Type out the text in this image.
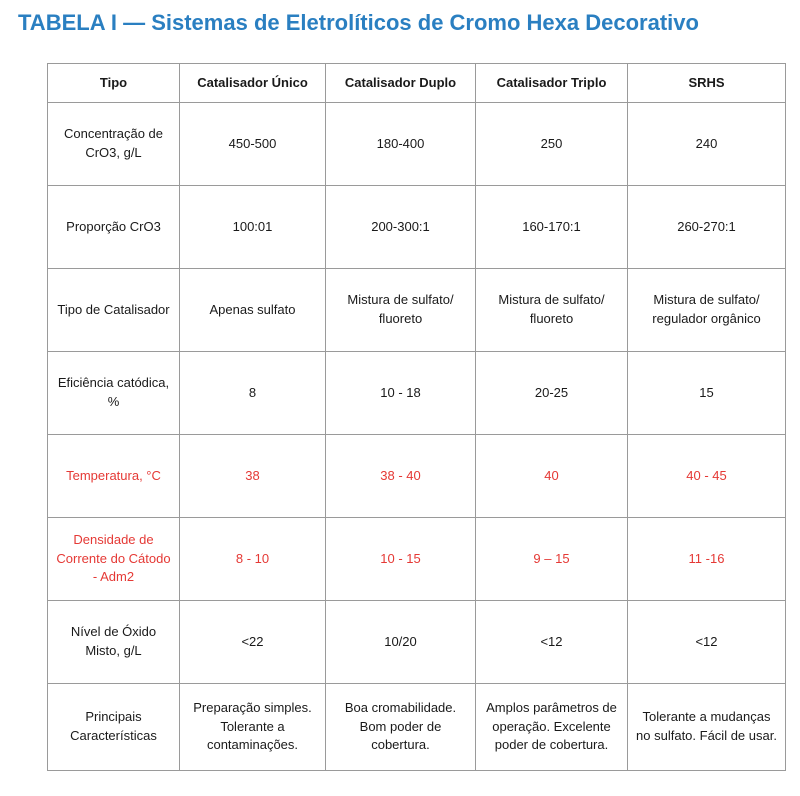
TABELA I — Sistemas de Eletrolíticos de Cromo Hexa Decorativo
Tipo	Catalisador Único	Catalisador Duplo	Catalisador Triplo	SRHS
Concentração de CrO3, g/L	450-500	180-400	250	240
Proporção CrO3	100:01	200-300:1	160-170:1	260-270:1
Tipo de Catalisador	Apenas sulfato	Mistura de sulfato/ fluoreto	Mistura de sulfato/ fluoreto	Mistura de sulfato/ regulador orgânico
Eficiência catódica, %	8	10 - 18	20-25	15
Temperatura, °C	38	38 - 40	40	40 - 45
Densidade de Corrente do Cátodo - Adm2	8 - 10	10 - 15	9 – 15	11 -16
Nível de Óxido Misto, g/L	<22	10/20	<12	<12
Principais Características	Preparação simples. Tolerante a contaminações.	Boa cromabilidade. Bom poder de cobertura.	Amplos parâmetros de operação. Excelente poder de cobertura.	Tolerante a mudanças no sulfato. Fácil de usar.
